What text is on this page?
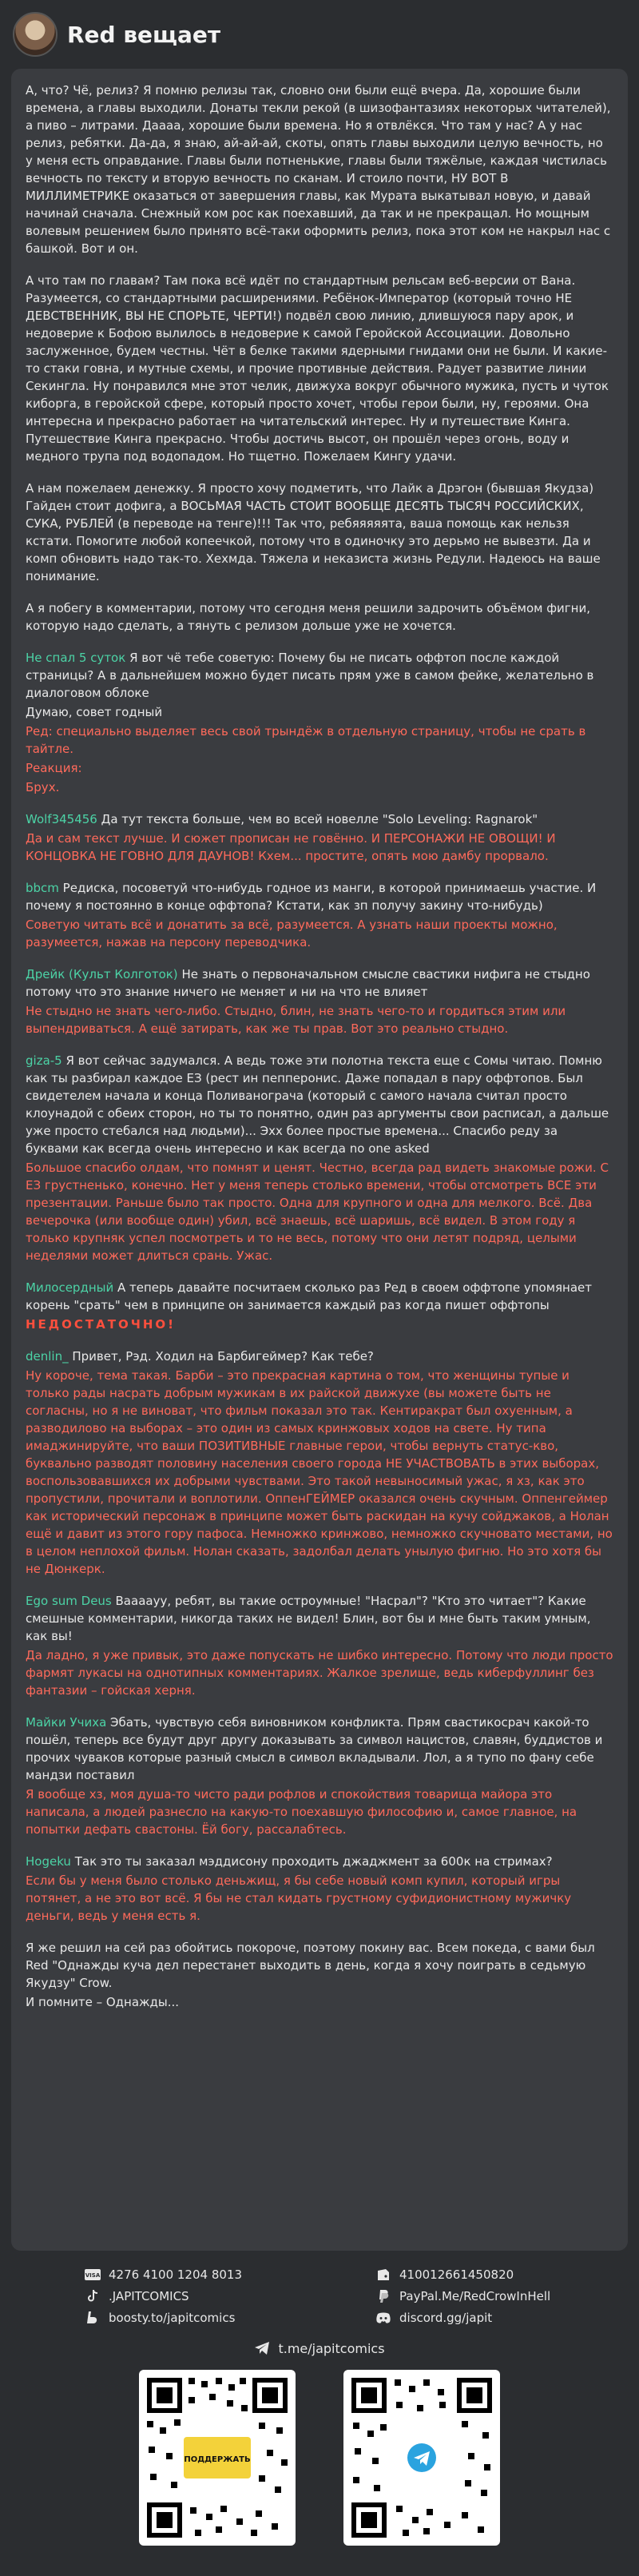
Red вещает
А, что? Чё, релиз? Я помню релизы так, словно они были ещё вчера. Да, хорошие были времена, а главы выходили. Донаты текли рекой (в шизофантазиях некоторых читателей), а пиво – литрами. Даааа, хорошие были времена. Но я отвлёкся. Что там у нас? А у нас релиз, ребятки. Да-да, я знаю, ай-ай-ай, скоты, опять главы выходили целую вечность, но у меня есть оправдание. Главы были потненькие, главы были тяжёлые, каждая чистилась вечность по тексту и вторую вечность по сканам. И стоило почти, НУ ВОТ В МИЛЛИМЕТРИКЕ оказаться от завершения главы, как Мурата выкатывал новую, и давай начинай сначала. Снежный ком рос как поехавший, да так и не прекращал. Но мощным волевым решением было принято всё-таки оформить релиз, пока этот ком не накрыл нас с башкой. Вот и он.
А что там по главам? Там пока всё идёт по стандартным рельсам веб-версии от Вана. Разумеется, со стандартными расширениями. Ребёнок-Император (который точно НЕ ДЕВСТВЕННИК, ВЫ НЕ СПОРЬТЕ, ЧЕРТИ!) подвёл свою линию, длившуюся пару арок, и недоверие к Бофою вылилось в недоверие к самой Геройской Ассоциации. Довольно заслуженное, будем честны. Чёт в белке такими ядерными гнидами они не были. И какие-то стаки говна, и мутные схемы, и прочие противные действия. Радует развитие линии Секингла. Ну понравился мне этот челик, движуха вокруг обычного мужика, пусть и чуток киборга, в геройской сфере, который просто хочет, чтобы герои были, ну, героями. Она интересна и прекрасно работает на читательский интерес. Ну и путешествие Кинга. Путешествие Кинга прекрасно. Чтобы достичь высот, он прошёл через огонь, воду и медного трупа под водопадом. Но тщетно. Пожелаем Кингу удачи.
А нам пожелаем денежку. Я просто хочу подметить, что Лайк а Дрэгон (бывшая Якудза) Гайден стоит дофига, а ВОСЬМАЯ ЧАСТЬ СТОИТ ВООБЩЕ ДЕСЯТЬ ТЫСЯЧ РОССИЙСКИХ, СУКА, РУБЛЕЙ (в переводе на тенге)!!! Так что, ребяяяяята, ваша помощь как нельзя кстати. Помогите любой копеечкой, потому что в одиночку это дерьмо не вывезти. Да и комп обновить надо так-то. Хехмда. Тяжела и неказиста жизнь Редули. Надеюсь на ваше понимание.
А я побегу в комментарии, потому что сегодня меня решили задрочить объёмом фигни, которую надо сделать, а тянуть с релизом дольше уже не хочется.
Не спал 5 суток Я вот чё тебе советую: Почему бы не писать оффтоп после каждой страницы? А в дальнейшем можно будет писать прям уже в самом фейке, желательно в диалоговом облоке
Думаю, совет годный
Ред: специально выделяет весь свой трындёж в отдельную страницу, чтобы не срать в тайтле.
Реакция:
Брух.
Wolf345456 Да тут текста больше, чем во всей новелле "Solo Leveling: Ragnarok"
Да и сам текст лучше. И сюжет прописан не говённо. И ПЕРСОНАЖИ НЕ ОВОЩИ! И КОНЦОВКА НЕ ГОВНО ДЛЯ ДАУНОВ! Кхем... простите, опять мою дамбу прорвало.
bbcm Редиска, посоветуй что-нибудь годное из манги, в которой принимаешь участие. И почему я постоянно в конце оффтопа? Кстати, как зп получу закину что-нибудь)
Советую читать всё и донатить за всё, разумеется. А узнать наши проекты можно, разумеется, нажав на персону переводчика.
Дрейк (Культ Колготок) Не знать о первоначальном смысле свастики нифига не стыдно потому что это знание ничего не меняет и ни на что не влияет
Не стыдно не знать чего-либо. Стыдно, блин, не знать чего-то и гордиться этим или выпендриваться. А ещё затирать, как же ты прав. Вот это реально стыдно.
giza-5 Я вот сейчас задумался. А ведь тоже эти полотна текста еще с Сомы читаю. Помню как ты разбирал каждое ЕЗ (рест ин пепперонис. Даже попадал в пару оффтопов. Был свидетелем начала и конца Поливанограча (который с самого начала считал просто клоунадой с обеих сторон, но ты то понятно, один раз аргументы свои расписал, а дальше уже просто стебался над людьми)... Эхх более простые времена... Спасибо реду за буквами как всегда очень интересно и как всегда no one asked
Большое спасибо олдам, что помнят и ценят. Честно, всегда рад видеть знакомые рожи. С ЕЗ грустненько, конечно. Нет у меня теперь столько времени, чтобы отсмотреть ВСЕ эти презентации. Раньше было так просто. Одна для крупного и одна для мелкого. Всё. Два вечерочка (или вообще один) убил, всё знаешь, всё шаришь, всё видел. В этом году я только крупняк успел посмотреть и то не весь, потому что они летят подряд, целыми неделями может длиться срань. Ужас.
Милосердный А теперь давайте посчитаем сколько раз Ред в своем оффтопе упомянает корень "срать" чем в принципе он занимается каждый раз когда пишет оффтопы
НЕДОСТАТОЧНО!
denlin_ Привет, Рэд. Ходил на Барбигеймер? Как тебе?
Ну короче, тема такая. Барби – это прекрасная картина о том, что женщины тупые и только рады насрать добрым мужикам в их райской движухе (вы можете быть не согласны, но я не виноват, что фильм показал это так. Кентиракрат был охуенным, а разводилово на выборах – это один из самых кринжовых ходов на свете. Ну типа имаджинируйте, что ваши ПОЗИТИВНЫЕ главные герои, чтобы вернуть статус-кво, буквально разводят половину населения своего города НЕ УЧАСТВОВАТЬ в этих выборах, воспользовавшихся их добрыми чувствами. Это такой невыносимый ужас, я хз, как это пропустили, прочитали и воплотили. ОппенГЕЙМЕР оказался очень скучным. Оппенгеймер как исторический персонаж в принципе может быть раскидан на кучу сойджаков, а Нолан ещё и давит из этого гору пафоса. Немножко кринжово, немножко скучновато местами, но в целом неплохой фильм. Нолан сказать, задолбал делать унылую фигню. Но это хотя бы не Дюнкерк.
Ego sum Deus Ваааауу, ребят, вы такие остроумные! "Насрал"? "Кто это читает"? Какие смешные комментарии, никогда таких не видел! Блин, вот бы и мне быть таким умным, как вы!
Да ладно, я уже привык, это даже попускать не шибко интересно. Потому что люди просто фармят лукасы на однотипных комментариях. Жалкое зрелище, ведь киберфуллинг без фантазии – гойская херня.
Майки Учиха Эбать, чувствую себя виновником конфликта. Прям свастикосрач какой-то пошёл, теперь все будут друг другу доказывать за символ нацистов, славян, буддистов и прочих чуваков которые разный смысл в символ вкладывали. Лол, а я тупо по фану себе мандзи поставил
Я вообще хз, моя душа-то чисто ради рофлов и спокойствия товарища майора это написала, а людей разнесло на какую-то поехавшую философию и, самое главное, на попытки дефать свастоны. Ёй богу, рассалабтесь.
Hogeku Так это ты заказал мэддисону проходить джаджмент за 600к на стримах?
Если бы у меня было столько деньжищ, я бы себе новый комп купил, который игры потянет, а не это вот всё. Я бы не стал кидать грустному суфидионистному мужичку деньги, ведь у меня есть я.
Я же решил на сей раз обойтись покороче, поэтому покину вас. Всем покеда, с вами был Red "Однажды куча дел перестанет выходить в день, когда я хочу поиграть в седьмую Якудзу" Crow.
И помните – Однажды...
VISA 4276 4100 1204 8013
.JAPITCOMICS
boosty.to/japitcomics
410012661450820
PayPal.Me/RedCrowInHell
discord.gg/japit
t.me/japitcomics
ПОДДЕРЖАТЬ
